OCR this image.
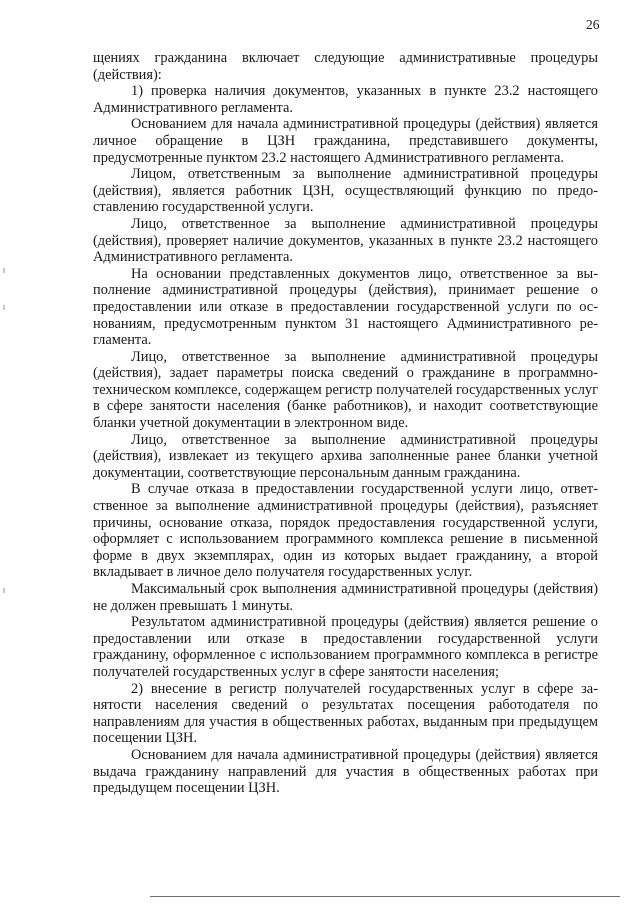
26

щениях гражданина включает следующие административные процедуры (действия):

1) проверка наличия документов, указанных в пункте 23.2 настоящего Административного регламента.

Основанием для начала административной процедуры (действия) является личное обращение в ЦЗН гражданина, представившего документы, предусмотренные пунктом 23.2 настоящего Административного регламента.

Лицом, ответственным за выполнение административной процедуры (действия), является работник ЦЗН, осуществляющий функцию по предоставлению государственной услуги.

Лицо, ответственное за выполнение административной процедуры (действия), проверяет наличие документов, указанных в пункте 23.2 настоящего Административного регламента.

На основании представленных документов лицо, ответственное за выполнение административной процедуры (действия), принимает решение о предоставлении или отказе в предоставлении государственной услуги по основаниям, предусмотренным пунктом 31 настоящего Административного регламента.

Лицо, ответственное за выполнение административной процедуры (действия), задает параметры поиска сведений о гражданине в программно-техническом комплексе, содержащем регистр получателей государственных услуг в сфере занятости населения (банке работников), и находит соответствующие бланки учетной документации в электронном виде.

Лицо, ответственное за выполнение административной процедуры (действия), извлекает из текущего архива заполненные ранее бланки учетной документации, соответствующие персональным данным гражданина.

В случае отказа в предоставлении государственной услуги лицо, ответственное за выполнение административной процедуры (действия), разъясняет причины, основание отказа, порядок предоставления государственной услуги, оформляет с использованием программного комплекса решение в письменной форме в двух экземплярах, один из которых выдает гражданину, а второй вкладывает в личное дело получателя государственных услуг.

Максимальный срок выполнения административной процедуры (действия) не должен превышать 1 минуты.

Результатом административной процедуры (действия) является решение о предоставлении или отказе в предоставлении государственной услуги гражданину, оформленное с использованием программного комплекса в регистре получателей государственных услуг в сфере занятости населения;

2) внесение в регистр получателей государственных услуг в сфере занятости населения сведений о результатах посещения работодателя по направлениям для участия в общественных работах, выданным при предыдущем посещении ЦЗН.

Основанием для начала административной процедуры (действия) является выдача гражданину направлений для участия в общественных работах при предыдущем посещении ЦЗН.
